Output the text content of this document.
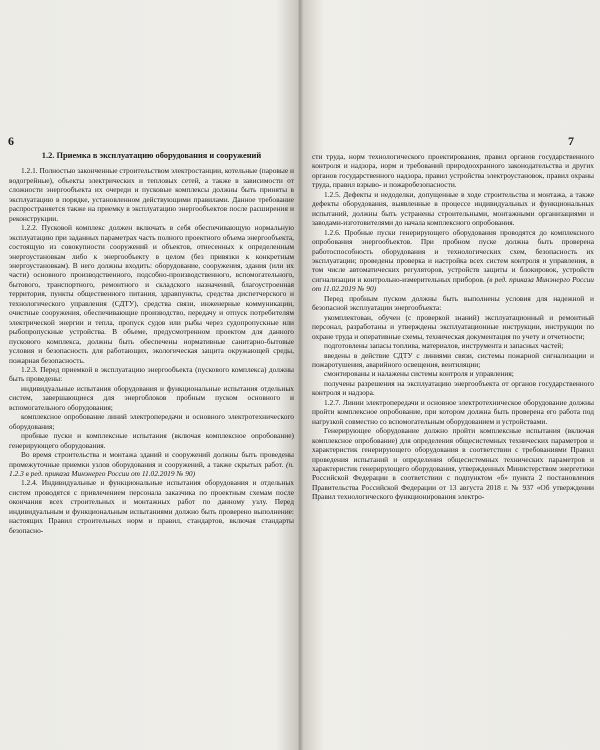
6	7
1.2. Приемка в эксплуатацию оборудования и сооружений

1.2.1. Полностью законченные строительством электростанции, котельные (паровые и водогрейные), объекты электрических и тепловых сетей, а также в зависимости от сложности энергообъекта их очереди и пусковые комплексы должны быть приняты в эксплуатацию в порядке, установленном действующими правилами. Данное требование распространяется также на приемку в эксплуатацию энергообъектов после расширения и реконструкции.

1.2.2. Пусковой комплекс должен включать в себя обеспечивающую нормальную эксплуатацию при заданных параметрах часть полного проектного объема энергообъекта, состоящую из совокупности сооружений и объектов, отнесенных к определенным энергоустановкам либо к энергообъекту в целом (без привязки к конкретным энергоустановкам). В него должны входить: оборудование, сооружения, здания (или их части) основного производственного, подсобно-производственного, вспомогательного, бытового, транспортного, ремонтного и складского назначений, благоустроенная территория, пункты общественного питания, здравпункты, средства диспетчерского и технологического управления (СДТУ), средства связи, инженерные коммуникации, очистные сооружения, обеспечивающие производство, передачу и отпуск потребителям электрической энергии и тепла, пропуск судов или рыбы через судопропускные или рыбопропускные устройства. В объеме, предусмотренном проектом для данного пускового комплекса, должны быть обеспечены нормативные санитарно-бытовые условия и безопасность для работающих, экологическая защита окружающей среды, пожарная безопасность.

1.2.3. Перед приемкой в эксплуатацию энергообъекта (пускового комплекса) должны быть проведены:

индивидуальные испытания оборудования и функциональные испытания отдельных систем, завершающиеся для энергоблоков пробным пуском основного и вспомогательного оборудования;

комплексное опробование линий электропередачи и основного электротехнического оборудования;

пробные пуски и комплексные испытания (включая комплексное опробование) генерирующего оборудования.

Во время строительства и монтажа зданий и сооружений должны быть проведены промежуточные приемки узлов оборудования и сооружений, а также скрытых работ. (п. 1.2.3 в ред. приказа Минэнерго России от 11.02.2019 № 90)

1.2.4. Индивидуальные и функциональные испытания оборудования и отдельных систем проводятся с привлечением персонала заказчика по проектным схемам после окончания всех строительных и монтажных работ по данному узлу. Перед индивидуальным и функциональным испытаниями должно быть проверено выполнение: настоящих Правил строительных норм и правил, стандартов, включая стандарты безопасно-

сти труда, норм технологического проектирования, правил органов государственного контроля и надзора, норм и требований природоохранного законодательства и других органов государственного надзора, правил устройства электроустановок, правил охраны труда, правил взрыво- и пожаробезопасности.

1.2.5. Дефекты и недоделки, допущенные в ходе строительства и монтажа, а также дефекты оборудования, выявленные в процессе индивидуальных и функциональных испытаний, должны быть устранены строительными, монтажными организациями и заводами-изготовителями до начала комплексного опробования.

1.2.6. Пробные пуски генерирующего оборудования проводятся до комплексного опробования энергообъектов. При пробном пуске должна быть проверена работоспособность оборудования и технологических схем, безопасность их эксплуатации; проведены проверка и настройка всех систем контроля и управления, в том числе автоматических регуляторов, устройств защиты и блокировок, устройств сигнализации и контрольно-измерительных приборов. (в ред. приказа Минэнерго России от 11.02.2019 № 90)

Перед пробным пуском должны быть выполнены условия для надежной и безопасной эксплуатации энергообъекта:

укомплектован, обучен (с проверкой знаний) эксплуатационный и ремонтный персонал, разработаны и утверждены эксплуатационные инструкции, инструкции по охране труда и оперативные схемы, техническая документация по учету и отчетности;

подготовлены запасы топлива, материалов, инструмента и запасных частей;

введены в действие СДТУ с линиями связи, системы пожарной сигнализации и пожаротушения, аварийного освещения, вентиляции;

смонтированы и налажены системы контроля и управления;

получены разрешения на эксплуатацию энергообъекта от органов государственного контроля и надзора.

1.2.7. Линии электропередачи и основное электротехническое оборудование должны пройти комплексное опробование, при котором должна быть проверена его работа под нагрузкой совместно со вспомогательным оборудованием и устройствами.

Генерирующее оборудование должно пройти комплексные испытания (включая комплексное опробование) для определения общесистемных технических параметров и характеристик генерирующего оборудования в соответствии с требованиями Правил проведения испытаний и определения общесистемных технических параметров и характеристик генерирующего оборудования, утвержденных Министерством энергетики Российской Федерации в соответствии с подпунктом «б» пункта 2 постановления Правительства Российской Федерации от 13 августа 2018 г. № 937 «Об утверждении Правил технологического функционирования электро-
